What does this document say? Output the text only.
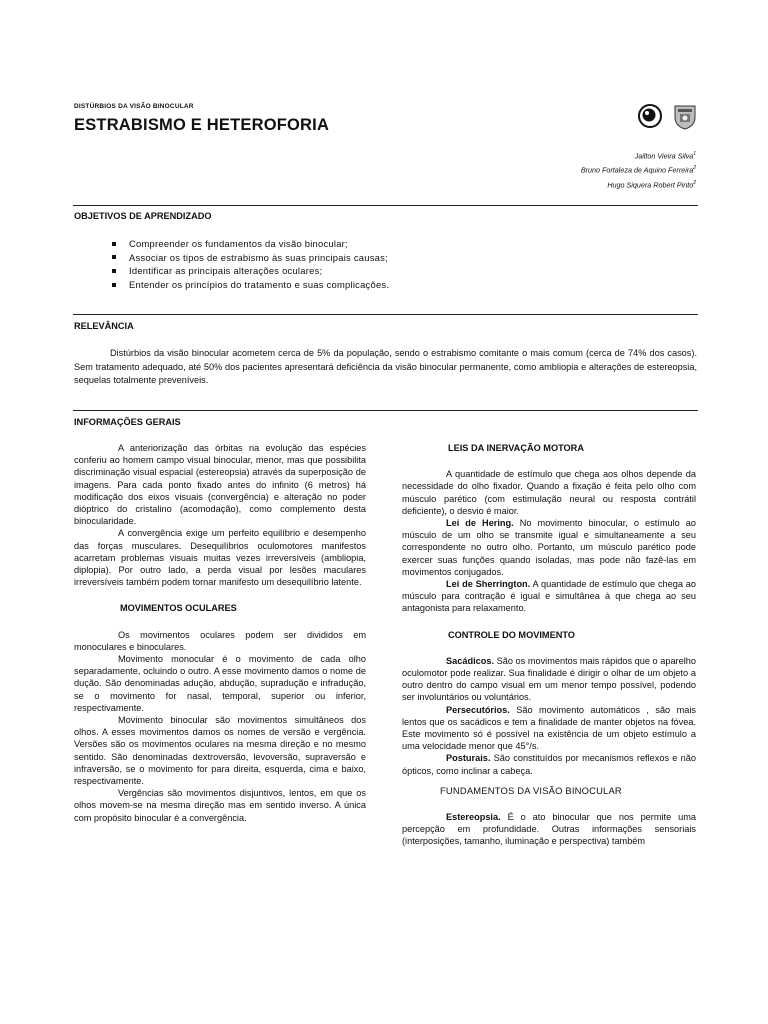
DISTÚRBIOS DA VISÃO BINOCULAR
ESTRABISMO E HETEROFORIA
Jailton Vieira Silva$^1$
Bruno Fortaleza de Aquino Ferreira$^2$
Hugo Siquera Robert Pinto$^2$
OBJETIVOS DE APRENDIZADO
Compreender os fundamentos da visão binocular;
Associar os tipos de estrabismo às suas principais causas;
Identificar as principais alterações oculares;
Entender os princípios do tratamento e suas complicações.
RELEVÂNCIA
Distúrbios da visão binocular acometem cerca de 5% da população, sendo o estrabismo comitante o mais comum (cerca de 74% dos casos). Sem tratamento adequado, até 50% dos pacientes apresentará deficiência da visão binocular permanente, como ambliopia e alterações de estereopsia, sequelas totalmente preveníveis.
INFORMAÇÕES GERAIS

A anteriorização das órbitas na evolução das espécies conferiu ao homem campo visual binocular, menor, mas que possibilita discriminação visual espacial (estereopsia) através da superposição de imagens. Para cada ponto fixado antes do infinito (6 metros) há modificação dos eixos visuais (convergência) e alteração no poder dióptrico do cristalino (acomodação), como complemento desta binocularidade.

A convergência exige um perfeito equilíbrio e desempenho das forças musculares. Desequilíbrios oculomotores manifestos acarretam problemas visuais muitas vezes irreversíveis (ambliopia, diplopia). Por outro lado, a perda visual por lesões maculares irreversíveis também podem tornar manifesto um desequilíbrio latente.

MOVIMENTOS OCULARES

Os movimentos oculares podem ser divididos em monoculares e binoculares.

Movimento monocular é o movimento de cada olho separadamente, ocluindo o outro. A esse movimento damos o nome de dução. São denominadas adução, abdução, supradução e infradução, se o movimento for nasal, temporal, superior ou inferior, respectivamente.

Movimento binocular são movimentos simultâneos dos olhos. A esses movimentos damos os nomes de versão e vergência. Versões são os movimentos oculares na mesma direção e no mesmo sentido. São denominadas dextroversão, levoversão, supraversão e infraversão, se o movimento for para direita, esquerda, cima e baixo, respectivamente.

Vergências são movimentos disjuntivos, lentos, em que os olhos movem-se na mesma direção mas em sentido inverso. A única com propósito binocular é a convergência.

LEIS DA INERVAÇÃO MOTORA

A quantidade de estímulo que chega aos olhos depende da necessidade do olho fixador. Quando a fixação é feita pelo olho com músculo parético (com estimulação neural ou resposta contrátil deficiente), o desvio é maior.

Lei de Hering. No movimento binocular, o estímulo ao músculo de um olho se transmite igual e simultaneamente a seu correspondente no outro olho. Portanto, um músculo parético pode exercer suas funções quando isoladas, mas pode não fazê-las em movimentos conjugados.

Lei de Sherrington. A quantidade de estímulo que chega ao músculo para contração é igual e simultânea à que chega ao seu antagonista para relaxamento.

CONTROLE DO MOVIMENTO

Sacádicos. São os movimentos mais rápidos que o aparelho oculomotor pode realizar. Sua finalidade é dirigir o olhar de um objeto a outro dentro do campo visual em um menor tempo possível, podendo ser involuntários ou voluntários.

Persecutórios. São movimento automáticos , são mais lentos que os sacádicos e tem a finalidade de manter objetos na fóvea. Este movimento só é possível na existência de um objeto estímulo a uma velocidade menor que 45°/s.

Posturais. São constituídos por mecanismos reflexos e não ópticos, como inclinar a cabeça.

FUNDAMENTOS DA VISÃO BINOCULAR

Estereopsia. É o ato binocular que nos permite uma percepção em profundidade. Outras informações sensoriais (interposições, tamanho, iluminação e perspectiva) também
